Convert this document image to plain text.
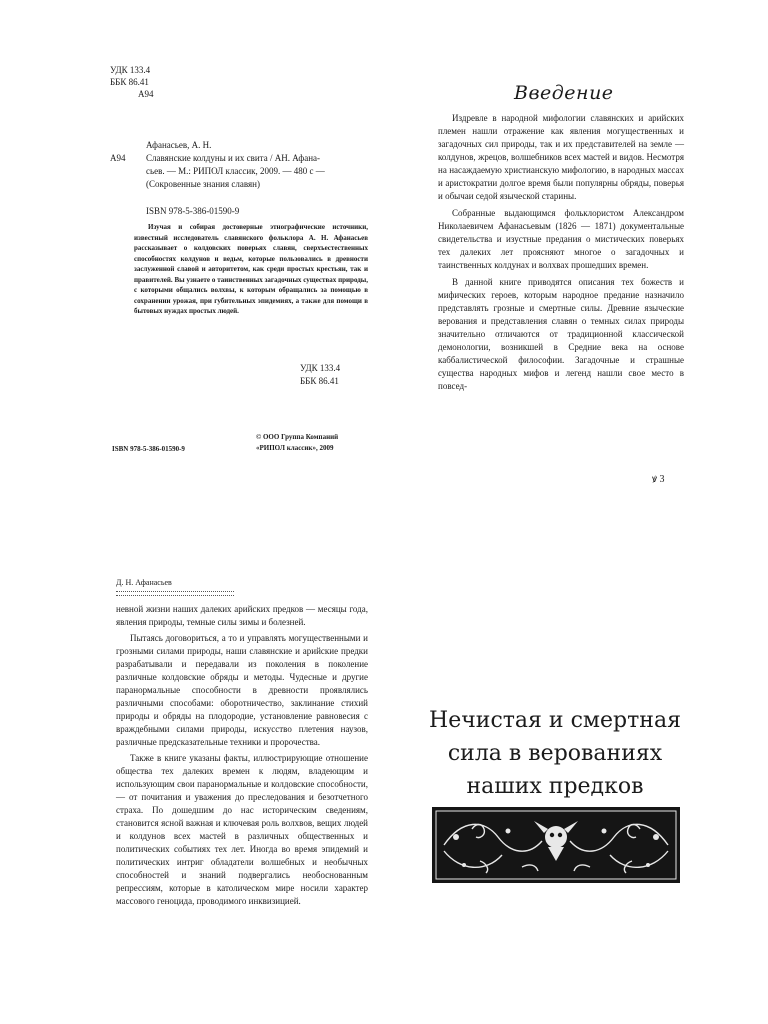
УДК 133.4
ББК 86.41
А94	Введение
Афанасьев, А. Н.
А94	Славянские колдуны и их свита / АН. Афана-
сьев. — М.: РИПОЛ классик, 2009. — 480 с —
(Сокровенные знания славян)
ISBN 978-5-386-01590-9
Изучая и собирая достоверные этнографические источники, известный исследователь славянского фольклора А. Н. Афанасьев рассказывает о колдовских поверьях славян, сверхъестественных способностях колдунов и ведьм, которые пользовались в древности заслуженной славой и авторитетом, как среди простых крестьян, так и правителей. Вы узнаете о таинственных загадочных существах природы, с которыми общались волхвы, к которым обращались за помощью в сохранении урожая, при губительных эпидемиях, а также для помощи в бытовых нуждах простых людей.
УДК 133.4
ББК 86.41
ISBN 978-5-386-01590-9
© ООО Группа Компаний
«РИПОЛ классик», 2009

Издревле в народной мифологии славянских и арийских племен нашли отражение как явления могущественных и загадочных сил природы, так и их представителей на земле — колдунов, жрецов, волшебников всех мастей и видов. Несмотря на насаждаемую христианскую мифологию, в народных массах и аристократии долгое время были популярны обряды, поверья и обычаи седой языческой старины.

Собранные выдающимся фольклористом Александром Николаевичем Афанасьевым (1826 — 1871) документальные свидетельства и изустные предания о мистических поверьях тех далеких лет проясняют многое о загадочных и таинственных колдунах и волхвах прошедших времен.

В данной книге приводятся описания тех божеств и мифических героев, которым народное предание назначило представлять грозные и смертные силы. Древние языческие верования и представления славян о темных силах природы значительно отличаются от традиционной классической демонологии, возникшей в Средние века на основе каббалистической философии. Загадочные и страшные существа народных мифов и легенд нашли свое место в повсед-

ꝟ 3
Д. Н. Афанасьев

невной жизни наших далеких арийских предков — месяцы года, явления природы, темные силы зимы и болезней.

Пытаясь договориться, а то и управлять могущественными и грозными силами природы, наши славянские и арийские предки разрабатывали и передавали из поколения в поколение различные колдовские обряды и методы. Чудесные и другие паранормальные способности в древности проявлялись различными способами: оборотничество, заклинание стихий природы и обряды на плодородие, установление равновесия с враждебными силами природы, искусство плетения наузов, различные предсказательные техники и пророчества.

Также в книге указаны факты, иллюстрирующие отношение общества тех далеких времен к людям, владеющим и использующим свои паранормальные и колдовские способности, — от почитания и уважения до преследования и безотчетного страха. По дошедшим до нас историческим сведениям, становится ясной важная и ключевая роль волхвов, вещих людей и колдунов всех мастей в различных общественных и политических событиях тех лет. Иногда во время эпидемий и политических интриг обладатели волшебных и необычных способностей и знаний подвергались необоснованным репрессиям, которые в католическом мире носили характер массового геноцида, проводимого инквизицией.

Нечистая и смертная
сила в верованиях
наших предков
